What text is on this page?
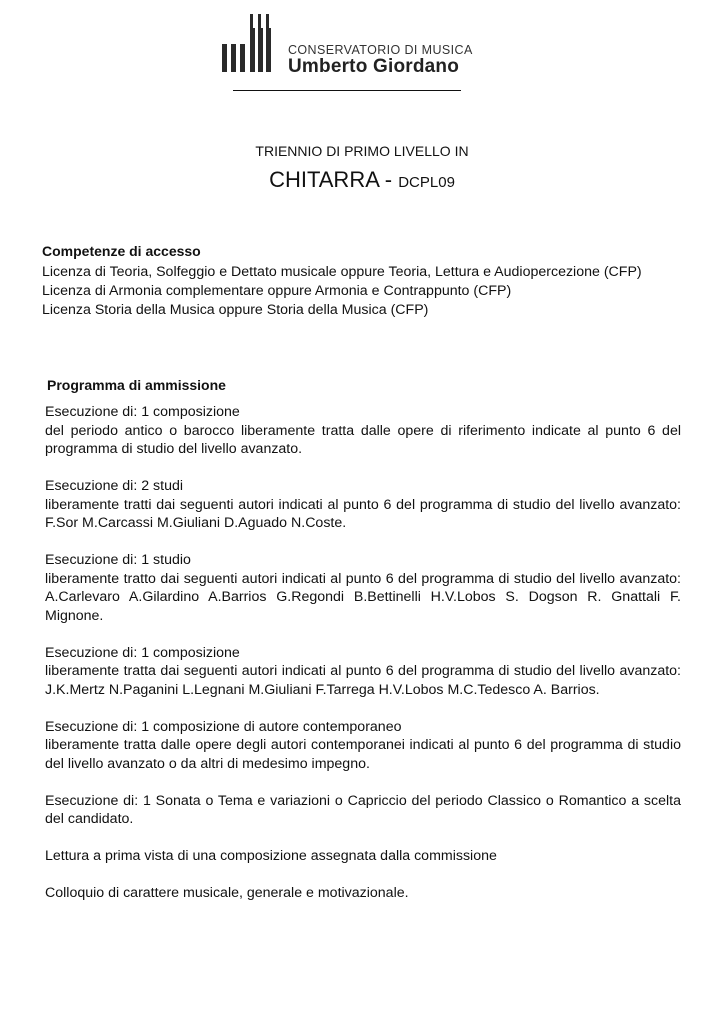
CONSERVATORIO DI MUSICA
Umberto Giordano
TRIENNIO DI PRIMO LIVELLO IN
CHITARRA - DCPL09
Competenze di accesso
Licenza di Teoria, Solfeggio e Dettato musicale oppure Teoria, Lettura e Audiopercezione (CFP)
Licenza di Armonia complementare oppure Armonia e Contrappunto (CFP)
Licenza Storia della Musica oppure Storia della Musica (CFP)
Programma di ammissione
Esecuzione di: 1 composizione
del periodo antico o barocco liberamente tratta dalle opere di riferimento indicate al punto 6 del programma di studio del livello avanzato.
Esecuzione di: 2 studi
liberamente tratti dai seguenti autori indicati al punto 6 del programma di studio del livello avanzato: F.Sor M.Carcassi M.Giuliani D.Aguado N.Coste.
Esecuzione di: 1 studio
liberamente tratto dai seguenti autori indicati al punto 6 del programma di studio del livello avanzato: A.Carlevaro A.Gilardino A.Barrios G.Regondi B.Bettinelli H.V.Lobos S. Dogson R. Gnattali F. Mignone.
Esecuzione di: 1 composizione
liberamente tratta dai seguenti autori indicati al punto 6 del programma di studio del livello avanzato: J.K.Mertz N.Paganini L.Legnani M.Giuliani F.Tarrega H.V.Lobos M.C.Tedesco A. Barrios.
Esecuzione di: 1 composizione di autore contemporaneo
liberamente tratta dalle opere degli autori contemporanei indicati al punto 6 del programma di studio del livello avanzato o da altri di medesimo impegno.
Esecuzione di: 1 Sonata o Tema e variazioni o Capriccio del periodo Classico o Romantico a scelta del candidato.
Lettura a prima vista di una composizione assegnata dalla commissione
Colloquio di carattere musicale, generale e motivazionale.
